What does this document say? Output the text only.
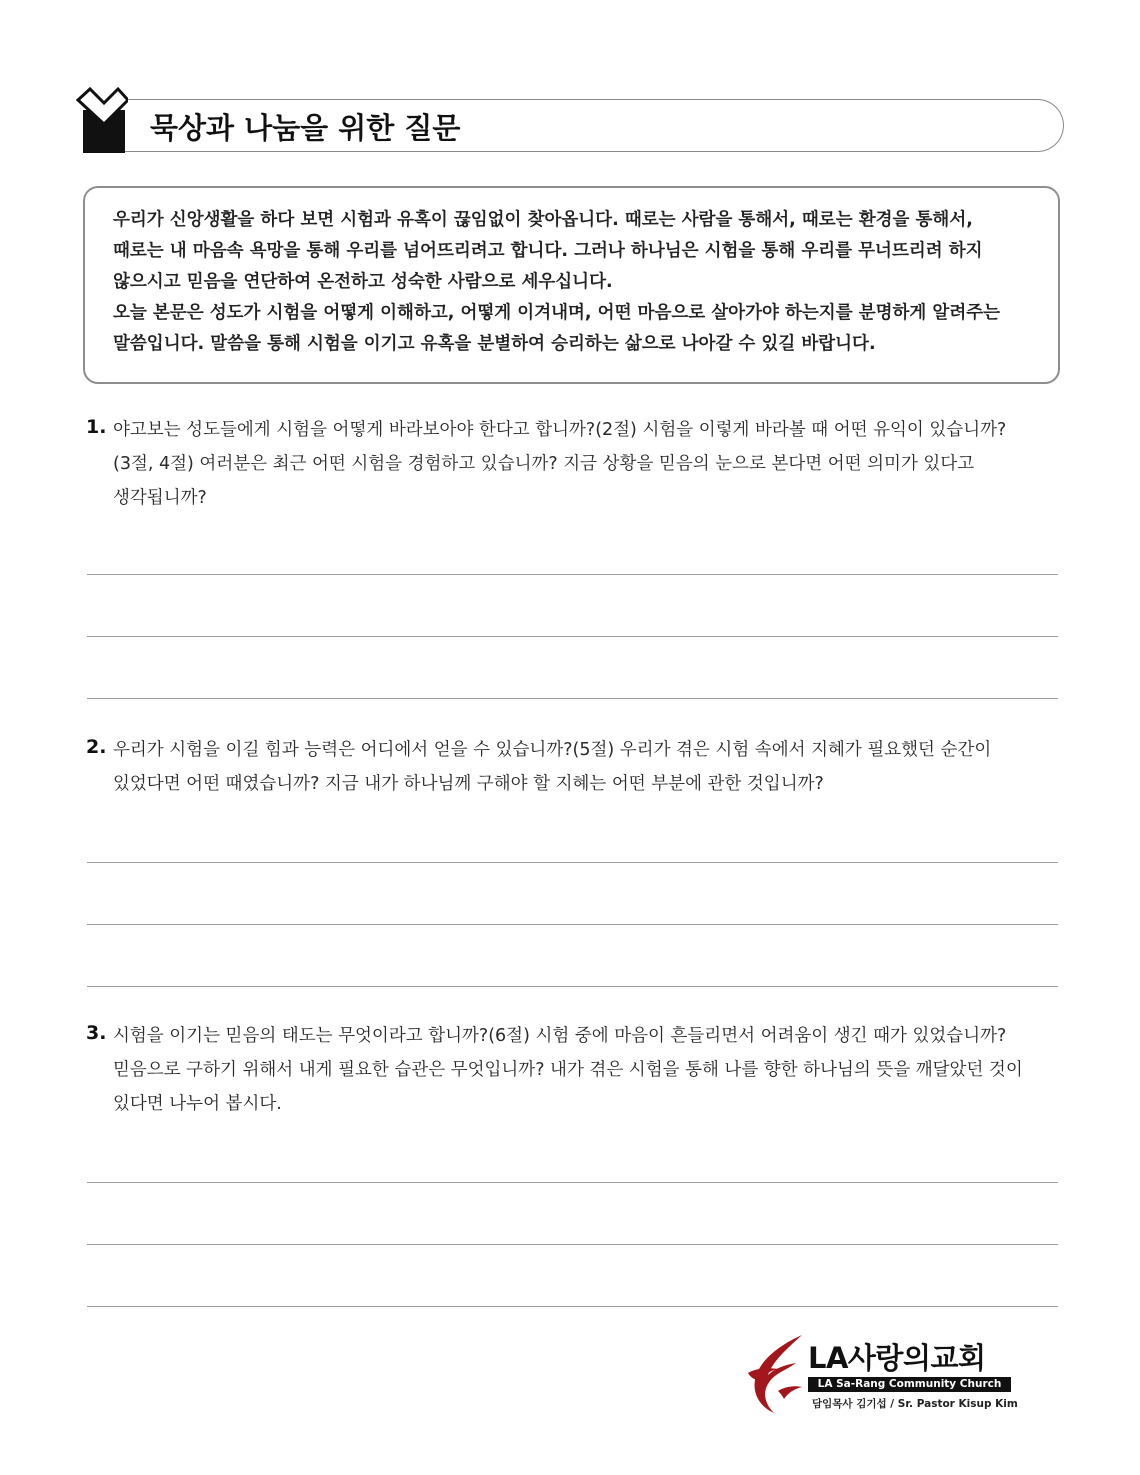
묵상과 나눔을 위한 질문
우리가 신앙생활을 하다 보면 시험과 유혹이 끊임없이 찾아옵니다. 때로는 사람을 통해서, 때로는 환경을 통해서,
때로는 내 마음속 욕망을 통해 우리를 넘어뜨리려고 합니다. 그러나 하나님은 시험을 통해 우리를 무너뜨리려 하지
않으시고 믿음을 연단하여 온전하고 성숙한 사람으로 세우십니다.
오늘 본문은 성도가 시험을 어떻게 이해하고, 어떻게 이겨내며, 어떤 마음으로 살아가야 하는지를 분명하게 알려주는
말씀입니다. 말씀을 통해 시험을 이기고 유혹을 분별하여 승리하는 삶으로 나아갈 수 있길 바랍니다.
1. 야고보는 성도들에게 시험을 어떻게 바라보아야 한다고 합니까?(2절) 시험을 이렇게 바라볼 때 어떤 유익이 있습니까?
(3절, 4절) 여러분은 최근 어떤 시험을 경험하고 있습니까? 지금 상황을 믿음의 눈으로 본다면 어떤 의미가 있다고
생각됩니까?
2. 우리가 시험을 이길 힘과 능력은 어디에서 얻을 수 있습니까?(5절) 우리가 겪은 시험 속에서 지혜가 필요했던 순간이
있었다면 어떤 때였습니까? 지금 내가 하나님께 구해야 할 지혜는 어떤 부분에 관한 것입니까?
3. 시험을 이기는 믿음의 태도는 무엇이라고 합니까?(6절) 시험 중에 마음이 흔들리면서 어려움이 생긴 때가 있었습니까?
믿음으로 구하기 위해서 내게 필요한 습관은 무엇입니까? 내가 겪은 시험을 통해 나를 향한 하나님의 뜻을 깨달았던 것이
있다면 나누어 봅시다.
LA사랑의교회
LA Sa-Rang Community Church
담임목사 김기섭 / Sr. Pastor Kisup Kim
